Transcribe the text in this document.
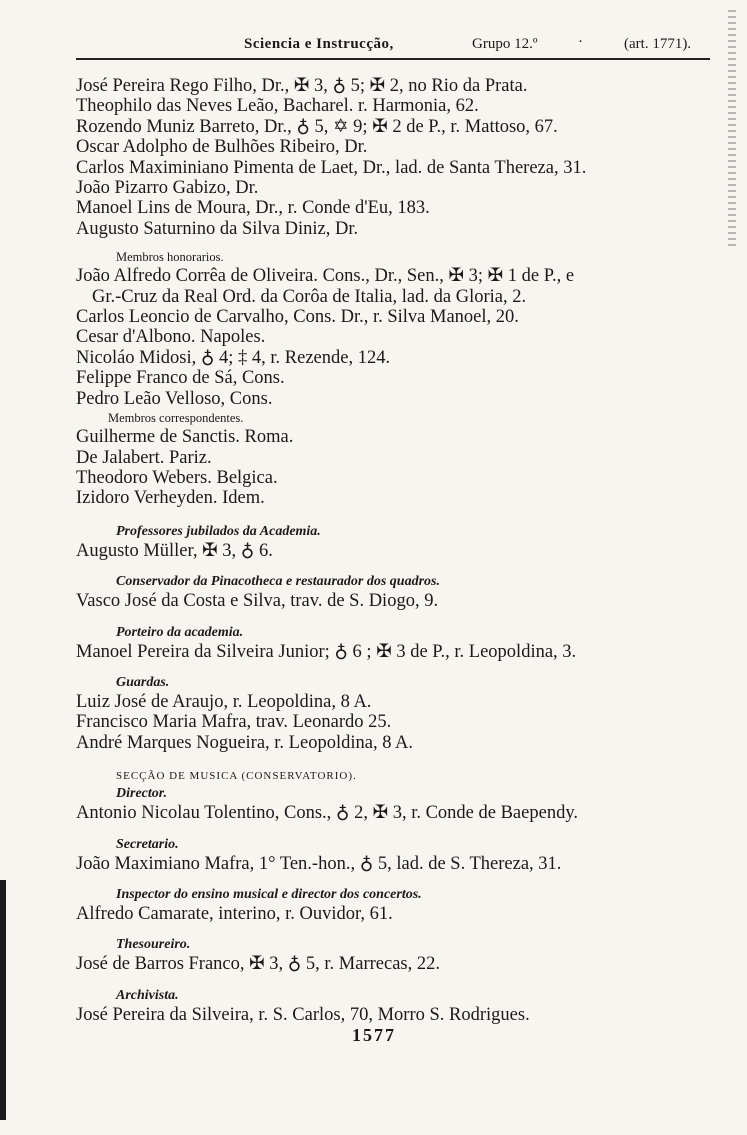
Sciencia e Instrucção,	Grupo 12.º	·	(art. 1771).
José Pereira Rego Filho, Dr., ✠ 3, ♁ 5; ✠ 2, no Rio da Prata.
Theophilo das Neves Leão, Bacharel. r. Harmonia, 62.
Rozendo Muniz Barreto, Dr., ♁ 5, ✡ 9; ✠ 2 de P., r. Mattoso, 67.
Oscar Adolpho de Bulhões Ribeiro, Dr.
Carlos Maximiniano Pimenta de Laet, Dr., lad. de Santa Thereza, 31.
João Pizarro Gabizo, Dr.
Manoel Lins de Moura, Dr., r. Conde d'Eu, 183.
Augusto Saturnino da Silva Diniz, Dr.
Membros honorarios.
João Alfredo Corrêa de Oliveira. Cons., Dr., Sen., ✠ 3; ✠ 1 de P., e
Gr.-Cruz da Real Ord. da Corôa de Italia, lad. da Gloria, 2.
Carlos Leoncio de Carvalho, Cons. Dr., r. Silva Manoel, 20.
Cesar d'Albono. Napoles.
Nicoláo Midosi, ♁ 4; ‡ 4, r. Rezende, 124.
Felippe Franco de Sá, Cons.
Pedro Leão Velloso, Cons.
Membros correspondentes.
Guilherme de Sanctis. Roma.
De Jalabert. Pariz.
Theodoro Webers. Belgica.
Izidoro Verheyden. Idem.
Professores jubilados da Academia.
Augusto Müller, ✠ 3, ♁ 6.
Conservador da Pinacotheca e restaurador dos quadros.
Vasco José da Costa e Silva, trav. de S. Diogo, 9.
Porteiro da academia.
Manoel Pereira da Silveira Junior; ♁ 6 ; ✠ 3 de P., r. Leopoldina, 3.
Guardas.
Luiz José de Araujo, r. Leopoldina, 8 A.
Francisco Maria Mafra, trav. Leonardo 25.
André Marques Nogueira, r. Leopoldina, 8 A.
SECÇÃO DE MUSICA (CONSERVATORIO).
Director.
Antonio Nicolau Tolentino, Cons., ♁ 2, ✠ 3, r. Conde de Baependy.
Secretario.
João Maximiano Mafra, 1° Ten.-hon., ♁ 5, lad. de S. Thereza, 31.
Inspector do ensino musical e director dos concertos.
Alfredo Camarate, interino, r. Ouvidor, 61.
Thesoureiro.
José de Barros Franco, ✠ 3, ♁ 5, r. Marrecas, 22.
Archivista.
José Pereira da Silveira, r. S. Carlos, 70, Morro S. Rodrigues.
1577
